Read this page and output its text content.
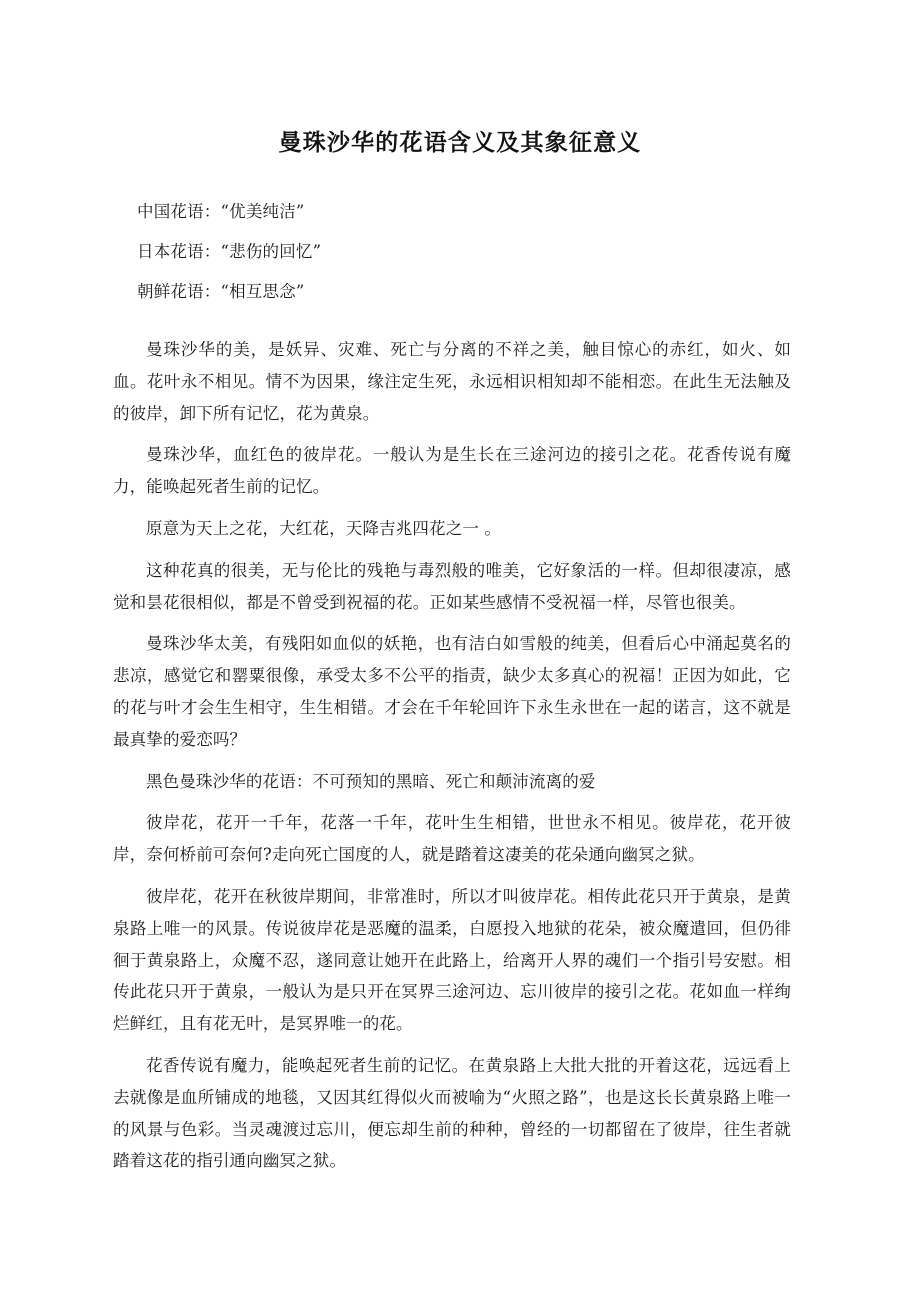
曼珠沙华的花语含义及其象征意义

中国花语：“优美纯洁”

日本花语：“悲伤的回忆”

朝鲜花语：“相互思念”

曼珠沙华的美，是妖异、灾难、死亡与分离的不祥之美，触目惊心的赤红，如火、如血。花叶永不相见。情不为因果，缘注定生死，永远相识相知却不能相恋。在此生无法触及的彼岸，卸下所有记忆，花为黄泉。

曼珠沙华，血红色的彼岸花。一般认为是生长在三途河边的接引之花。花香传说有魔力，能唤起死者生前的记忆。

原意为天上之花，大红花，天降吉兆四花之一 。

这种花真的很美，无与伦比的残艳与毒烈般的唯美，它好象活的一样。但却很凄凉，感觉和昙花很相似，都是不曾受到祝福的花。正如某些感情不受祝福一样，尽管也很美。

曼珠沙华太美，有残阳如血似的妖艳，也有洁白如雪般的纯美，但看后心中涌起莫名的悲凉，感觉它和罂粟很像，承受太多不公平的指责，缺少太多真心的祝福！正因为如此，它的花与叶才会生生相守，生生相错。才会在千年轮回许下永生永世在一起的诺言，这不就是最真挚的爱恋吗？

黑色曼珠沙华的花语：不可预知的黑暗、死亡和颠沛流离的爱

彼岸花，花开一千年，花落一千年，花叶生生相错，世世永不相见。彼岸花，花开彼岸，奈何桥前可奈何?走向死亡国度的人，就是踏着这凄美的花朵通向幽冥之狱。

彼岸花，花开在秋彼岸期间，非常准时，所以才叫彼岸花。相传此花只开于黄泉，是黄泉路上唯一的风景。传说彼岸花是恶魔的温柔，白愿投入地狱的花朵，被众魔遣回，但仍徘徊于黄泉路上，众魔不忍，遂同意让她开在此路上，给离开人界的魂们一个指引号安慰。相传此花只开于黄泉，一般认为是只开在冥界三途河边、忘川彼岸的接引之花。花如血一样绚烂鲜红，且有花无叶，是冥界唯一的花。

花香传说有魔力，能唤起死者生前的记忆。在黄泉路上大批大批的开着这花，远远看上去就像是血所铺成的地毯，又因其红得似火而被喻为“火照之路”，也是这长长黄泉路上唯一的风景与色彩。当灵魂渡过忘川，便忘却生前的种种，曾经的一切都留在了彼岸，往生者就踏着这花的指引通向幽冥之狱。
